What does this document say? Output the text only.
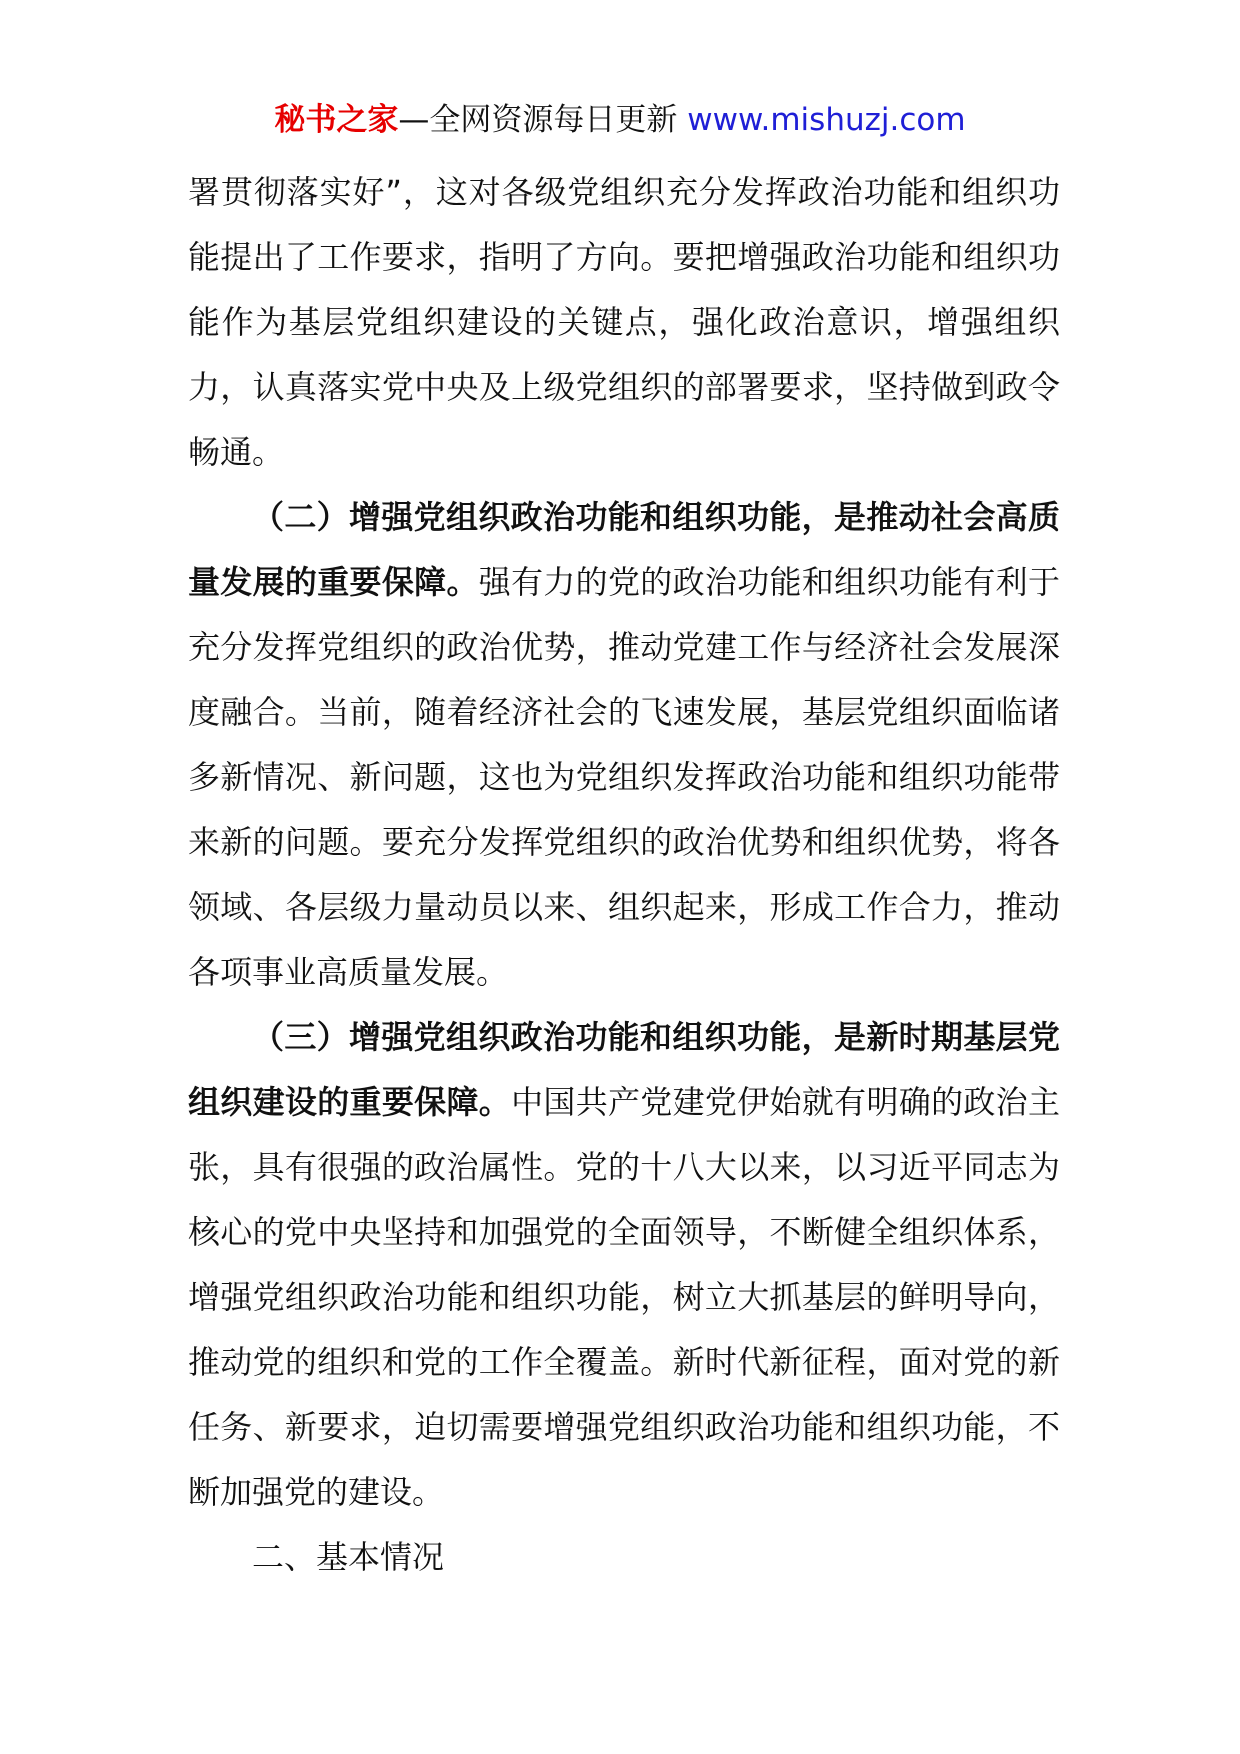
秘书之家—全网资源每日更新 www.mishuzj.com

署贯彻落实好”，这对各级党组织充分发挥政治功能和组织功能提出了工作要求，指明了方向。要把增强政治功能和组织功能作为基层党组织建设的关键点，强化政治意识，增强组织力，认真落实党中央及上级党组织的部署要求，坚持做到政令畅通。

（二）增强党组织政治功能和组织功能，是推动社会高质量发展的重要保障。强有力的党的政治功能和组织功能有利于充分发挥党组织的政治优势，推动党建工作与经济社会发展深度融合。当前，随着经济社会的飞速发展，基层党组织面临诸多新情况、新问题，这也为党组织发挥政治功能和组织功能带来新的问题。要充分发挥党组织的政治优势和组织优势，将各领域、各层级力量动员以来、组织起来，形成工作合力，推动各项事业高质量发展。

（三）增强党组织政治功能和组织功能，是新时期基层党组织建设的重要保障。中国共产党建党伊始就有明确的政治主张，具有很强的政治属性。党的十八大以来，以习近平同志为核心的党中央坚持和加强党的全面领导，不断健全组织体系，增强党组织政治功能和组织功能，树立大抓基层的鲜明导向，推动党的组织和党的工作全覆盖。新时代新征程，面对党的新任务、新要求，迫切需要增强党组织政治功能和组织功能，不断加强党的建设。

二、基本情况
